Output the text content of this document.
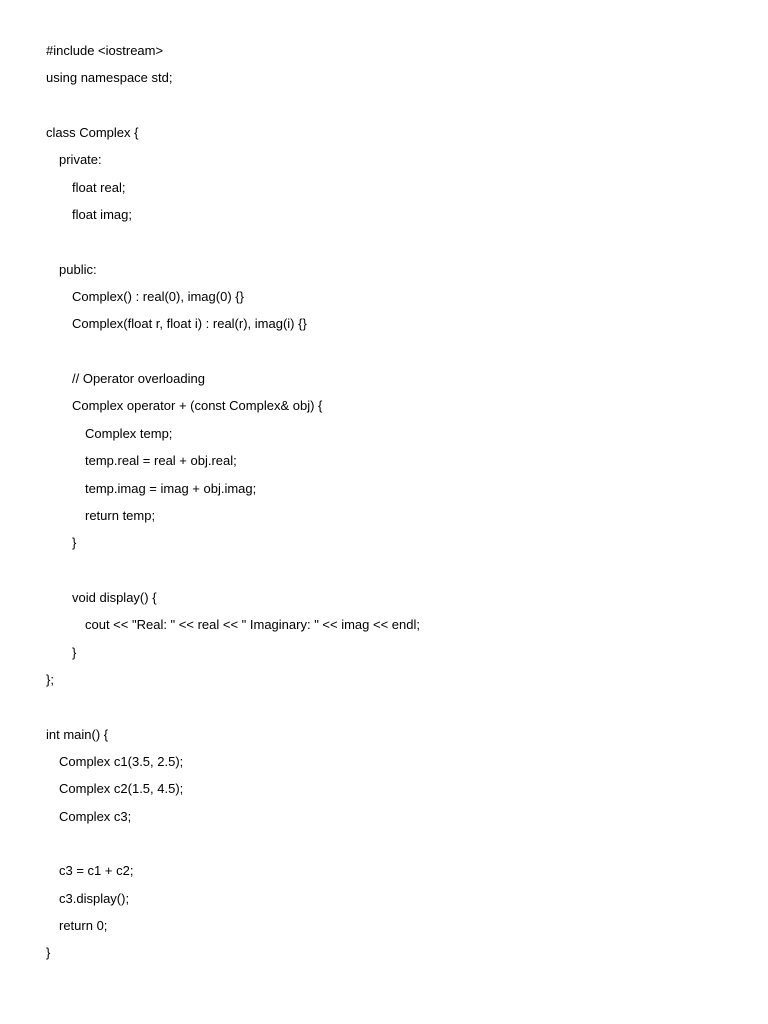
#include <iostream>
using namespace std;
class Complex {
private:
float real;
float imag;
public:
Complex() : real(0), imag(0) {}
Complex(float r, float i) : real(r), imag(i) {}
// Operator overloading
Complex operator + (const Complex& obj) {
Complex temp;
temp.real = real + obj.real;
temp.imag = imag + obj.imag;
return temp;
}
void display() {
cout << "Real: " << real << " Imaginary: " << imag << endl;
}
};
int main() {
Complex c1(3.5, 2.5);
Complex c2(1.5, 4.5);
Complex c3;
c3 = c1 + c2;
c3.display();
return 0;
}
